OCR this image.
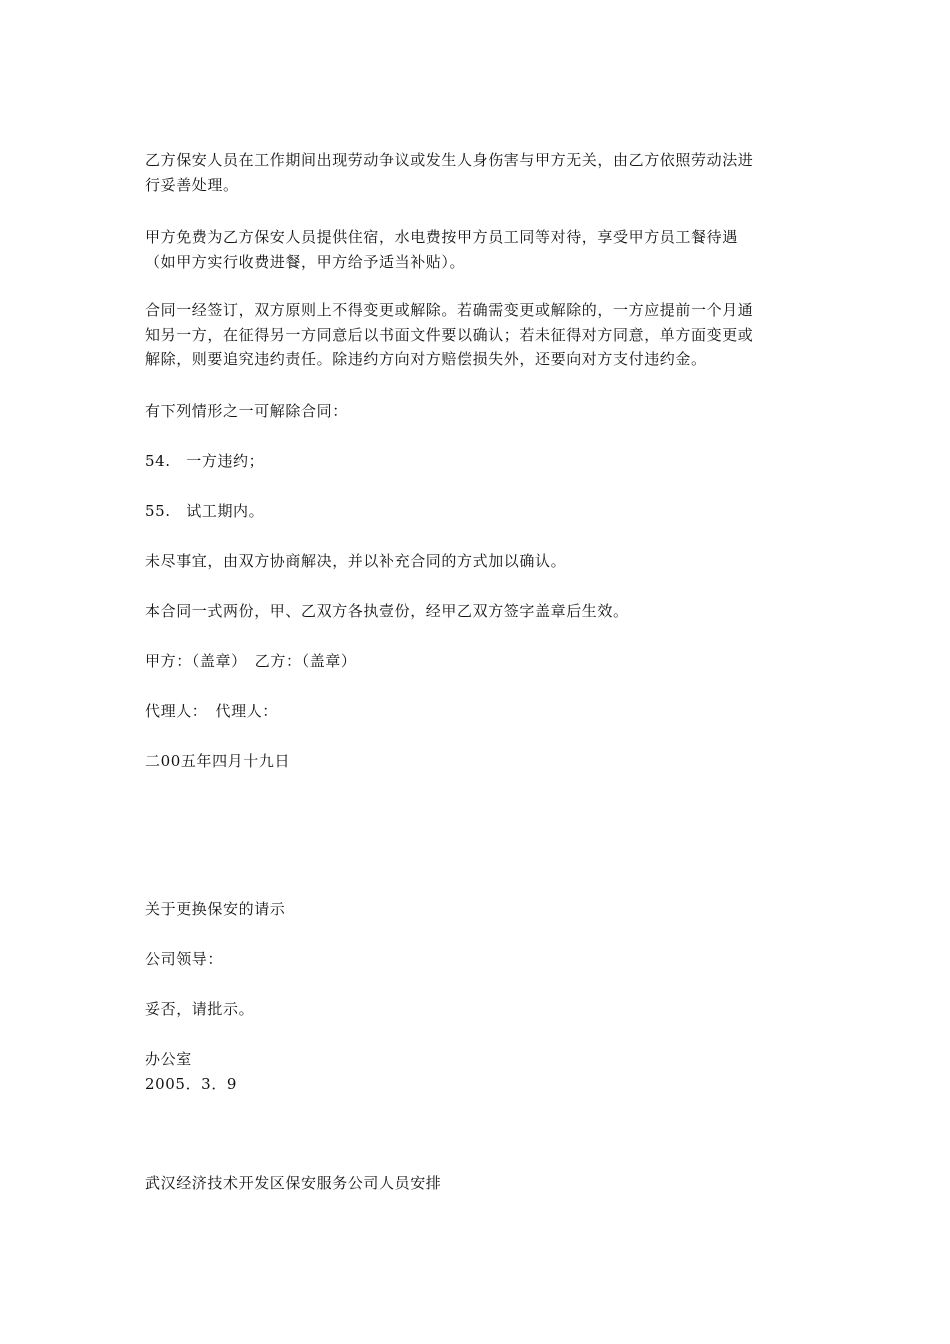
乙方保安人员在工作期间出现劳动争议或发生人身伤害与甲方无关，由乙方依照劳动法进
行妥善处理。
甲方免费为乙方保安人员提供住宿，水电费按甲方员工同等对待，享受甲方员工餐待遇
（如甲方实行收费进餐，甲方给予适当补贴）。
合同一经签订，双方原则上不得变更或解除。若确需变更或解除的，一方应提前一个月通
知另一方，在征得另一方同意后以书面文件要以确认；若未征得对方同意，单方面变更或
解除，则要追究违约责任。除违约方向对方赔偿损失外，还要向对方支付违约金。
有下列情形之一可解除合同：
54.　一方违约；
55.　试工期内。
未尽事宜，由双方协商解决，并以补充合同的方式加以确认。
本合同一式两份，甲、乙双方各执壹份，经甲乙双方签字盖章后生效。
甲方：（盖章）　乙方：（盖章）
代理人：　代理人：
二00五年四月十九日
关于更换保安的请示
公司领导：
妥否，请批示。
办公室
2005．3．9
武汉经济技术开发区保安服务公司人员安排
